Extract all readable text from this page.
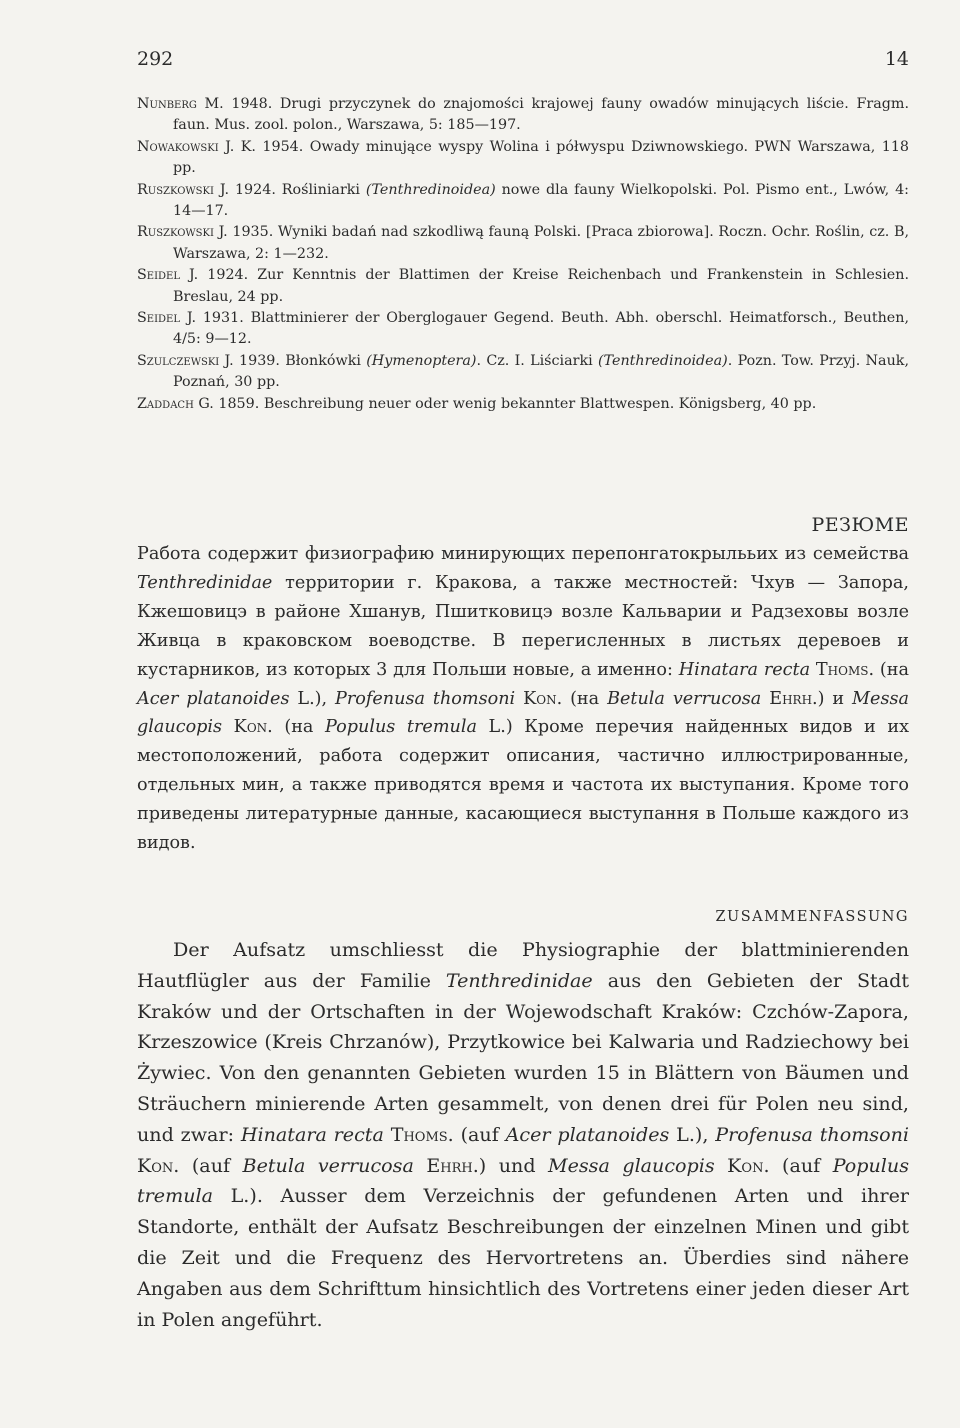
292	14
Nunberg M. 1948. Drugi przyczynek do znajomości krajowej fauny owadów minujących liście. Fragm. faun. Mus. zool. polon., Warszawa, 5: 185—197.
Nowakowski J. K. 1954. Owady minujące wyspy Wolina i półwyspu Dziwnowskiego. PWN Warszawa, 118 pp.
Ruszkowski J. 1924. Rośliniarki (Tenthredinoidea) nowe dla fauny Wielkopolski. Pol. Pismo ent., Lwów, 4: 14—17.
Ruszkowski J. 1935. Wyniki badań nad szkodliwą fauną Polski. [Praca zbiorowa]. Roczn. Ochr. Roślin, cz. B, Warszawa, 2: 1—232.
Seidel J. 1924. Zur Kenntnis der Blattimen der Kreise Reichenbach und Frankenstein in Schlesien. Breslau, 24 pp.
Seidel J. 1931. Blattminierer der Oberglogauer Gegend. Beuth. Abh. oberschl. Heimatforsch., Beuthen, 4/5: 9—12.
Szulczewski J. 1939. Błonkówki (Hymenoptera). Cz. I. Liściarki (Tenthredinoidea). Pozn. Tow. Przyj. Nauk, Poznań, 30 pp.
Zaddach G. 1859. Beschreibung neuer oder wenig bekannter Blattwespen. Königsberg, 40 pp.
РЕЗЮМЕ
Работа содержит физиографию минирующих перепонгатокрылььих из семейства Tenthredinidae территории г. Кракова, а также местностей: Чхув — Запора, Кжешовицэ в районе Хшанув, Пшитковицэ возле Кальварии и Радзеховы возле Живца в краковском воеводстве. В перегисленных в листьях деревоев и кустарников, из которых 3 для Польши новые, а именно: Hinatara recta Thoms. (на Acer platanoides L.), Profenusa thomsoni Kon. (на Betula verrucosa Ehrh.) и Messa glaucopis Kon. (на Populus tremula L.) Кроме перечия найденных видов и их местоположений, работа содержит описания, частично иллюстрированные, отдельных мин, а также приводятся время и частота их выступания. Кроме того приведены литературные данные, касающиеся выступання в Польше каждого из видов.
ZUSAMMENFASSUNG
Der Aufsatz umschliesst die Physiographie der blattminierenden Hautflügler aus der Familie Tenthredinidae aus den Gebieten der Stadt Kraków und der Ortschaften in der Wojewodschaft Kraków: Czchów-Zapora, Krzeszowice (Kreis Chrzanów), Przytkowice bei Kalwaria und Radziechowy bei Żywiec. Von den genannten Gebieten wurden 15 in Blättern von Bäumen und Sträuchern minierende Arten gesammelt, von denen drei für Polen neu sind, und zwar: Hinatara recta Thoms. (auf Acer platanoides L.), Profenusa thomsoni Kon. (auf Betula verrucosa Ehrh.) und Messa glaucopis Kon. (auf Populus tremula L.). Ausser dem Verzeichnis der gefundenen Arten und ihrer Standorte, enthält der Aufsatz Beschreibungen der einzelnen Minen und gibt die Zeit und die Frequenz des Hervortretens an. Überdies sind nähere Angaben aus dem Schrifttum hinsichtlich des Vortretens einer jeden dieser Art in Polen angeführt.
